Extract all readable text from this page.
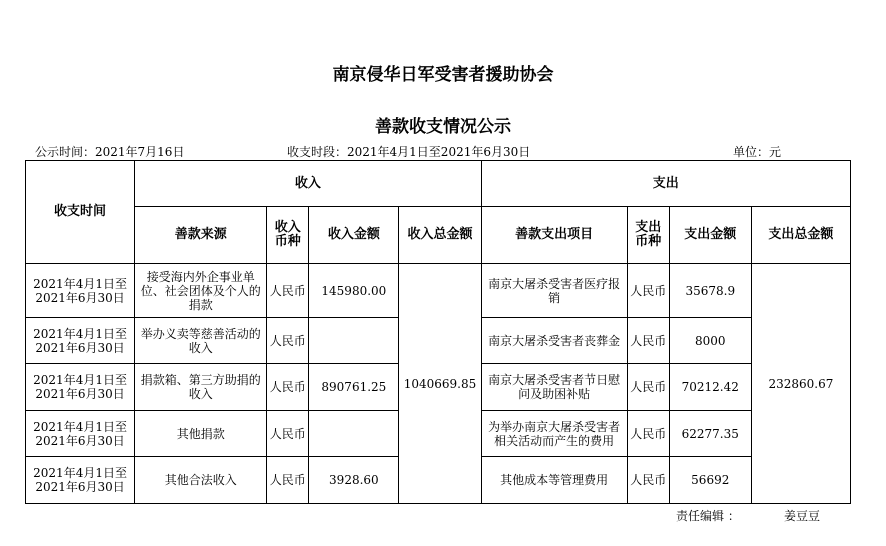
南京侵华日军受害者援助协会
善款收支情况公示
公示时间：2021年7月16日	收支时段：2021年4月1日至2021年6月30日	单位：元
收支时间	收入				支出			
	善款来源	收入币种	收入金额	收入总金额	善款支出项目	支出币种	支出金额	支出总金额
2021年4月1日至2021年6月30日	接受海内外企事业单位、社会团体及个人的捐款	人民币	145980.00	1040669.85	南京大屠杀受害者医疗报销	人民币	35678.9	232860.67
2021年4月1日至2021年6月30日	举办义卖等慈善活动的收入	人民币			南京大屠杀受害者丧葬金	人民币	8000	
2021年4月1日至2021年6月30日	捐款箱、第三方助捐的收入	人民币	890761.25		南京大屠杀受害者节日慰问及助困补贴	人民币	70212.42	
2021年4月1日至2021年6月30日	其他捐款	人民币			为举办南京大屠杀受害者相关活动而产生的费用	人民币	62277.35	
2021年4月1日至2021年6月30日	其他合法收入	人民币	3928.60		其他成本等管理费用	人民币	56692	
责任编辑 ：	姜豆豆
